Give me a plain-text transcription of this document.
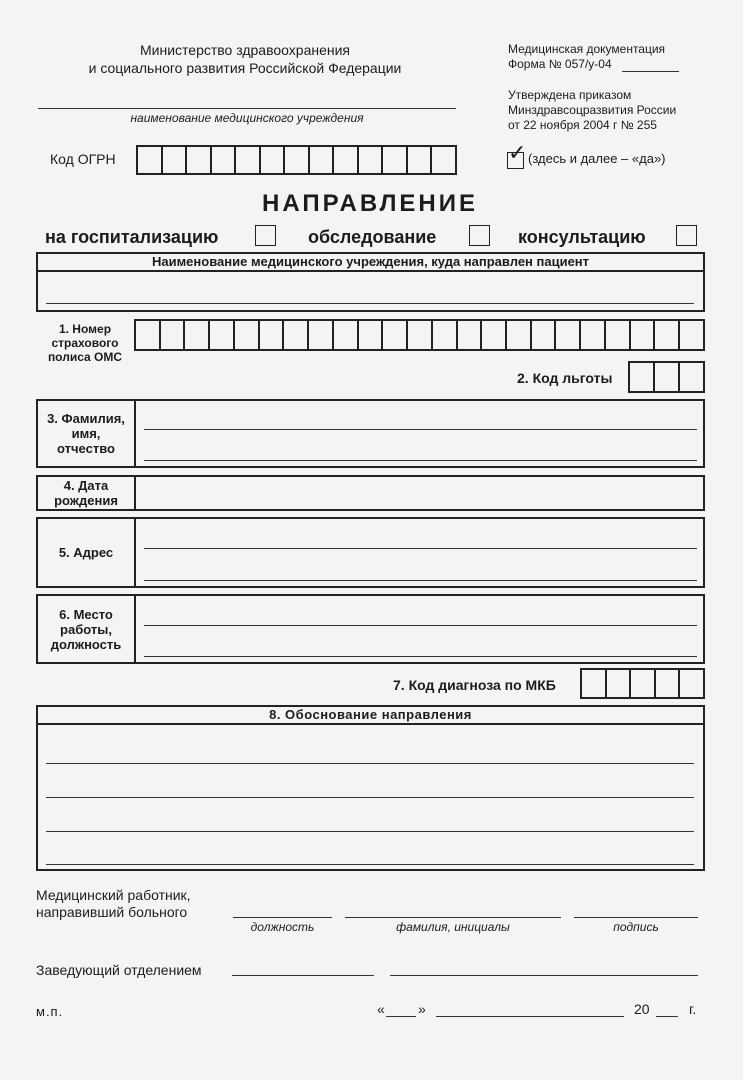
Министерство здравоохранения
и социального развития Российской Федерации
наименование медицинского учреждения
Медицинская документация
Форма № 057/у-04
Утверждена приказом
Минздравсоцразвития России
от 22 ноября 2004 г № 255
Код ОГРН	✓ (здесь и далее – «да»)
НАПРАВЛЕНИЕ
на госпитализацию	обследование	консультацию
Наименование медицинского учреждения, куда направлен пациент
1. Номер
страхового
полиса ОМС
2. Код льготы
3. Фамилия,
имя,
отчество
4. Дата
рождения
5. Адрес
6. Место
работы,
должность
7. Код диагноза по МКБ
8. Обоснование направления
Медицинский работник,
направивший больного
должность	фамилия, инициалы	подпись
Заведующий отделением
м.п.	« »	20	г.
